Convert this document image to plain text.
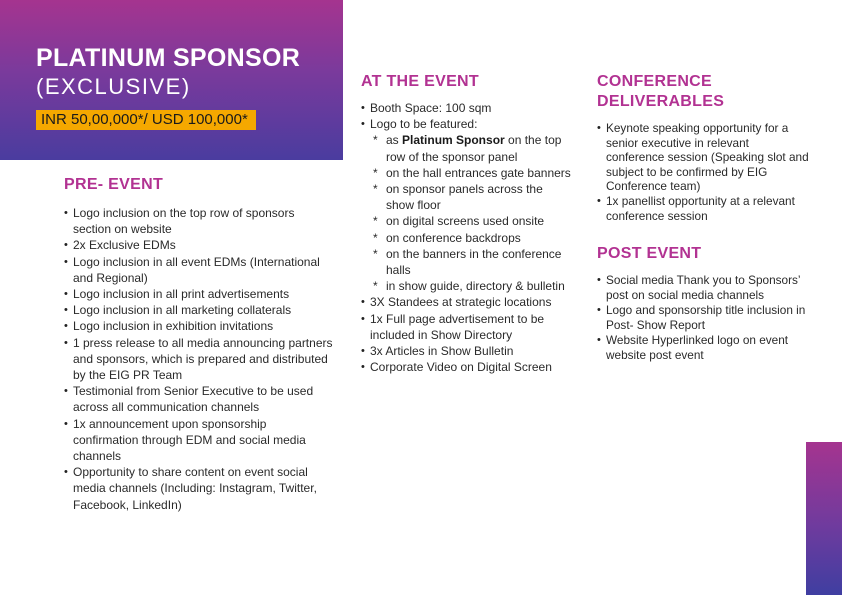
PLATINUM SPONSOR
(EXCLUSIVE)
INR 50,00,000*/ USD 100,000*
PRE- EVENT
• Logo inclusion on the top row of sponsors section on website
• 2x Exclusive EDMs
• Logo inclusion in all event EDMs (International and Regional)
• Logo inclusion in all print advertisements
• Logo inclusion in all marketing collaterals
• Logo inclusion in exhibition invitations
• 1 press release to all media announcing partners and sponsors, which is prepared and distributed by the EIG PR Team
• Testimonial from Senior Executive to be used across all communication channels
• 1x announcement upon sponsorship confirmation through EDM and social media channels
• Opportunity to share content on event social media channels (Including: Instagram, Twitter, Facebook, LinkedIn)
AT THE EVENT
• Booth Space: 100 sqm
• Logo to be featured:
* as Platinum Sponsor on the top row of the sponsor panel
* on the hall entrances gate banners
* on sponsor panels across the show floor
* on digital screens used onsite
* on conference backdrops
* on the banners in the conference halls
* in show guide, directory & bulletin
• 3X Standees at strategic locations
• 1x Full page advertisement to be included in Show Directory
• 3x Articles in Show Bulletin
• Corporate Video on Digital Screen
CONFERENCE
DELIVERABLES
• Keynote speaking opportunity for a senior executive in relevant conference session (Speaking slot and subject to be confirmed by EIG Conference team)
• 1x panellist opportunity at a relevant conference session
POST EVENT
• Social media Thank you to Sponsors’ post on social media channels
• Logo and sponsorship title inclusion in Post- Show Report
• Website Hyperlinked logo on event website post event
